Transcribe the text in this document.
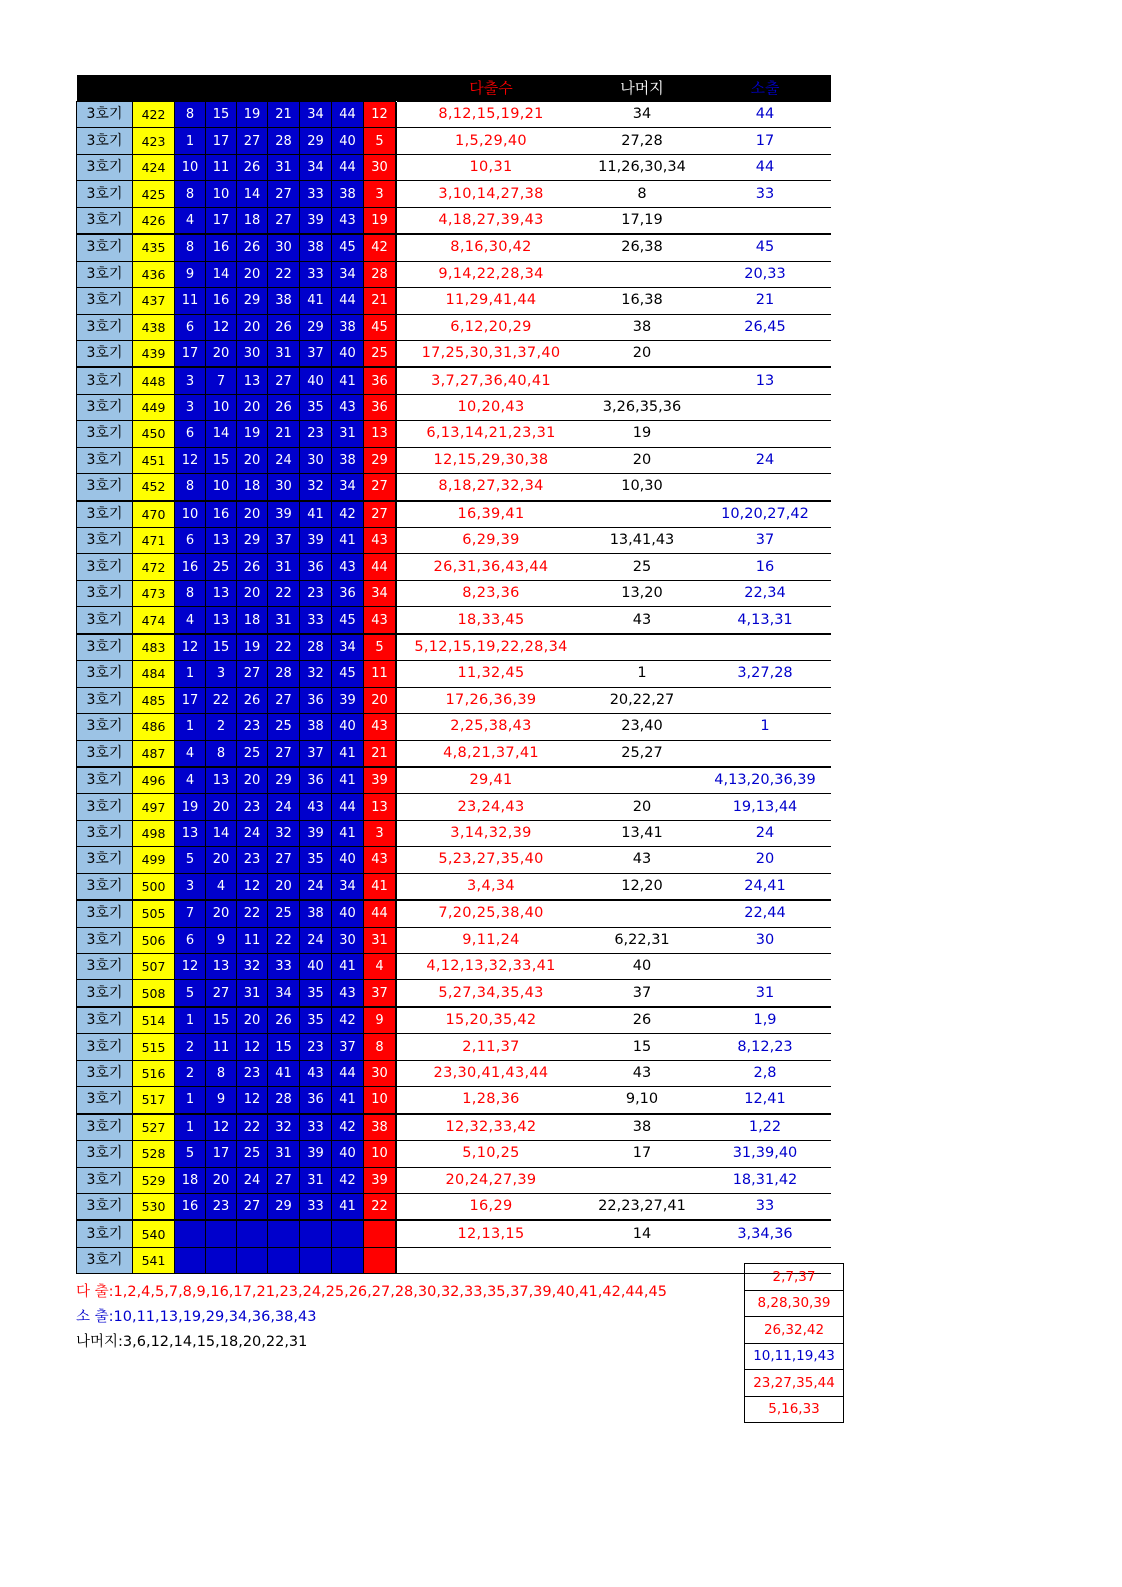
										다출수	나머지	소출
3호기	422	8	15	19	21	34	44	12		8,12,15,19,21	34	44
3호기	423	1	17	27	28	29	40	5		1,5,29,40	27,28	17
3호기	424	10	11	26	31	34	44	30		10,31	11,26,30,34	44
3호기	425	8	10	14	27	33	38	3		3,10,14,27,38	8	33
3호기	426	4	17	18	27	39	43	19		4,18,27,39,43	17,19	
3호기	435	8	16	26	30	38	45	42		8,16,30,42	26,38	45
3호기	436	9	14	20	22	33	34	28		9,14,22,28,34		20,33
3호기	437	11	16	29	38	41	44	21		11,29,41,44	16,38	21
3호기	438	6	12	20	26	29	38	45		6,12,20,29	38	26,45
3호기	439	17	20	30	31	37	40	25		17,25,30,31,37,40	20	
3호기	448	3	7	13	27	40	41	36		3,7,27,36,40,41		13
3호기	449	3	10	20	26	35	43	36		10,20,43	3,26,35,36	
3호기	450	6	14	19	21	23	31	13		6,13,14,21,23,31	19	
3호기	451	12	15	20	24	30	38	29		12,15,29,30,38	20	24
3호기	452	8	10	18	30	32	34	27		8,18,27,32,34	10,30	
3호기	470	10	16	20	39	41	42	27		16,39,41		10,20,27,42
3호기	471	6	13	29	37	39	41	43		6,29,39	13,41,43	37
3호기	472	16	25	26	31	36	43	44		26,31,36,43,44	25	16
3호기	473	8	13	20	22	23	36	34		8,23,36	13,20	22,34
3호기	474	4	13	18	31	33	45	43		18,33,45	43	4,13,31
3호기	483	12	15	19	22	28	34	5		5,12,15,19,22,28,34		
3호기	484	1	3	27	28	32	45	11		11,32,45	1	3,27,28
3호기	485	17	22	26	27	36	39	20		17,26,36,39	20,22,27	
3호기	486	1	2	23	25	38	40	43		2,25,38,43	23,40	1
3호기	487	4	8	25	27	37	41	21		4,8,21,37,41	25,27	
3호기	496	4	13	20	29	36	41	39		29,41		4,13,20,36,39
3호기	497	19	20	23	24	43	44	13		23,24,43	20	19,13,44
3호기	498	13	14	24	32	39	41	3		3,14,32,39	13,41	24
3호기	499	5	20	23	27	35	40	43		5,23,27,35,40	43	20
3호기	500	3	4	12	20	24	34	41		3,4,34	12,20	24,41
3호기	505	7	20	22	25	38	40	44		7,20,25,38,40		22,44
3호기	506	6	9	11	22	24	30	31		9,11,24	6,22,31	30
3호기	507	12	13	32	33	40	41	4		4,12,13,32,33,41	40	
3호기	508	5	27	31	34	35	43	37		5,27,34,35,43	37	31
3호기	514	1	15	20	26	35	42	9		15,20,35,42	26	1,9
3호기	515	2	11	12	15	23	37	8		2,11,37	15	8,12,23
3호기	516	2	8	23	41	43	44	30		23,30,41,43,44	43	2,8
3호기	517	1	9	12	28	36	41	10		1,28,36	9,10	12,41
3호기	527	1	12	22	32	33	42	38		12,32,33,42	38	1,22
3호기	528	5	17	25	31	39	40	10		5,10,25	17	31,39,40
3호기	529	18	20	24	27	31	42	39		20,24,27,39		18,31,42
3호기	530	16	23	27	29	33	41	22		16,29	22,23,27,41	33
3호기	540									12,13,15	14	3,34,36
3호기	541											
다 출:1,2,4,5,7,8,9,16,17,21,23,24,25,26,27,28,30,32,33,35,37,39,40,41,42,44,45
소 출:10,11,13,19,29,34,36,38,43
나머지:3,6,12,14,15,18,20,22,31
2,7,37
8,28,30,39
26,32,42
10,11,19,43
23,27,35,44
5,16,33
